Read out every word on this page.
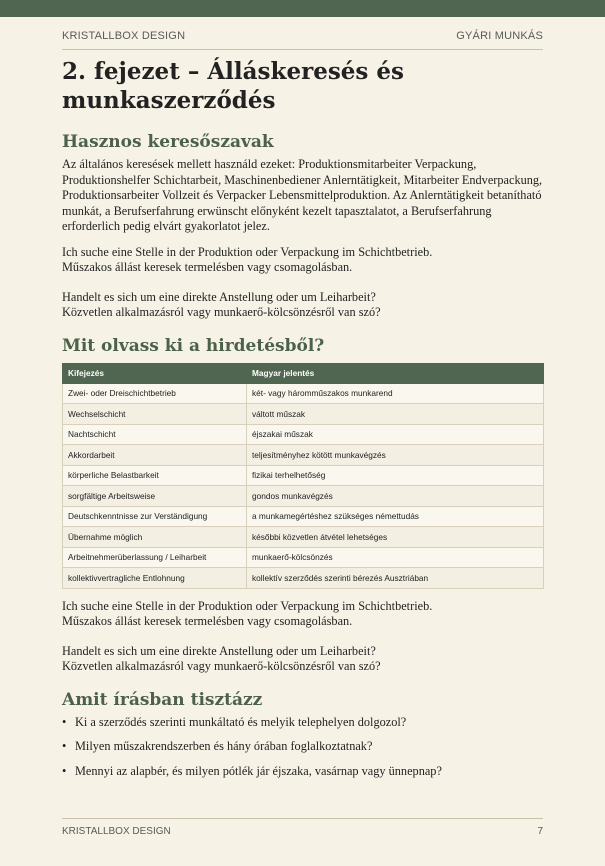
KRISTALLBOX DESIGN	GYÁRI MUNKÁS
2. fejezet – Álláskeresés és munkaszerződés
Hasznos keresőszavak

Az általános keresések mellett használd ezeket: Produktionsmitarbeiter Verpackung, Produktionshelfer Schichtarbeit, Maschinenbediener Anlerntätigkeit, Mitarbeiter Endverpackung, Produktionsarbeiter Vollzeit és Verpacker Lebensmittelproduktion. Az Anlerntätigkeit betanítható munkát, a Berufserfahrung erwünscht előnyként kezelt tapasztalatot, a Berufserfahrung erforderlich pedig elvárt gyakorlatot jelez.

Ich suche eine Stelle in der Produktion oder Verpackung im Schichtbetrieb.

Műszakos állást keresek termelésben vagy csomagolásban.

Handelt es sich um eine direkte Anstellung oder um Leiharbeit?

Közvetlen alkalmazásról vagy munkaerő-kölcsönzésről van szó?

Mit olvass ki a hirdetésből?
Kifejezés	Magyar jelentés
Zwei- oder Dreischichtbetrieb	két- vagy háromműszakos munkarend
Wechselschicht	váltott műszak
Nachtschicht	éjszakai műszak
Akkordarbeit	teljesítményhez kötött munkavégzés
körperliche Belastbarkeit	fizikai terhelhetőség
sorgfältige Arbeitsweise	gondos munkavégzés
Deutschkenntnisse zur Verständigung	a munkamegértéshez szükséges némettudás
Übernahme möglich	későbbi közvetlen átvétel lehetséges
Arbeitnehmerüberlassung / Leiharbeit	munkaerő-kölcsönzés
kollektivvertragliche Entlohnung	kollektív szerződés szerinti bérezés Ausztriában

Ich suche eine Stelle in der Produktion oder Verpackung im Schichtbetrieb.

Műszakos állást keresek termelésben vagy csomagolásban.

Handelt es sich um eine direkte Anstellung oder um Leiharbeit?

Közvetlen alkalmazásról vagy munkaerő-kölcsönzésről van szó?

Amit írásban tisztázz
• Ki a szerződés szerinti munkáltató és melyik telephelyen dolgozol?
• Milyen műszakrendszerben és hány órában foglalkoztatnak?
• Mennyi az alapbér, és milyen pótlék jár éjszaka, vasárnap vagy ünnepnap?
KRISTALLBOX DESIGN	7
